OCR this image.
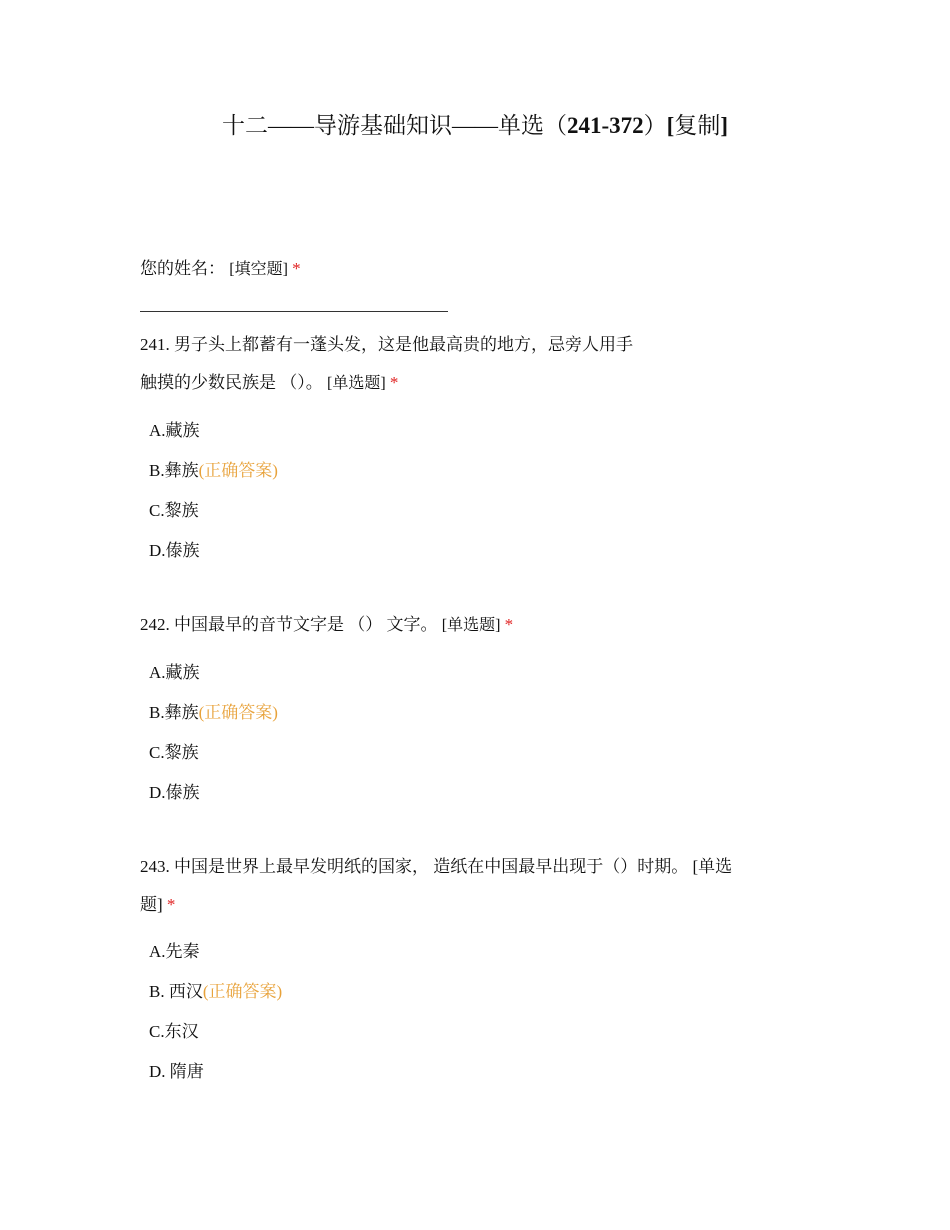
十二——导游基础知识——单选（241-372）[复制]
您的姓名： [填空题] *
241. 男子头上都蓄有一蓬头发，这是他最高贵的地方，忌旁人用手
触摸的少数民族是 （）。 [单选题] *
A.藏族
B.彝族(正确答案)
C.黎族
D.傣族
242. 中国最早的音节文字是 （） 文字。 [单选题] *
A.藏族
B.彝族(正确答案)
C.黎族
D.傣族
243. 中国是世界上最早发明纸的国家， 造纸在中国最早出现于（）时期。 [单选
题] *
A.先秦
B. 西汉(正确答案)
C.东汉
D. 隋唐
